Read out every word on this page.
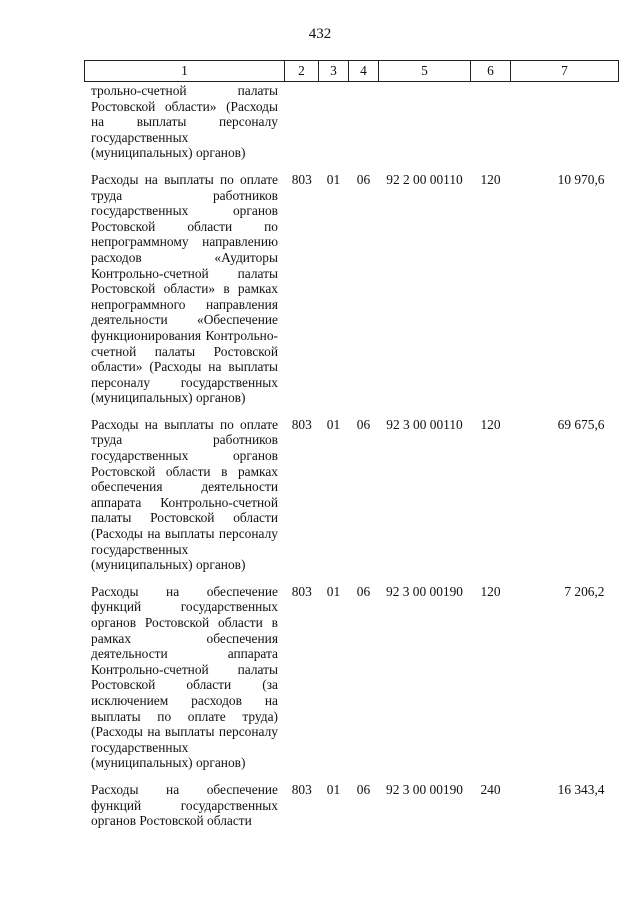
432
1	2	3	4	5	6	7
трольно-счетной палаты Ростовской области» (Расходы на выплаты персоналу государственных (муниципальных) органов)						
Расходы на выплаты по оплате труда работников государственных органов Ростовской области по непрограммному направлению расходов «Аудиторы Контрольно-счетной палаты Ростовской области» в рамках непрограммного направления деятельности «Обеспечение функционирования Контрольно-счетной палаты Ростовской области» (Расходы на выплаты персоналу государственных (муниципальных) органов)	803	01	06	92 2 00 00110	120	10 970,6
Расходы на выплаты по оплате труда работников государственных органов Ростовской области в рамках обеспечения деятельности аппарата Контрольно-счетной палаты Ростовской области (Расходы на выплаты персоналу государственных (муниципальных) органов)	803	01	06	92 3 00 00110	120	69 675,6
Расходы на обеспечение функций государственных органов Ростовской области в рамках обеспечения деятельности аппарата Контрольно-счетной палаты Ростовской области (за исключением расходов на выплаты по оплате труда) (Расходы на выплаты персоналу государственных (муниципальных) органов)	803	01	06	92 3 00 00190	120	7 206,2
Расходы на обеспечение функций государственных органов Ростовской области	803	01	06	92 3 00 00190	240	16 343,4
